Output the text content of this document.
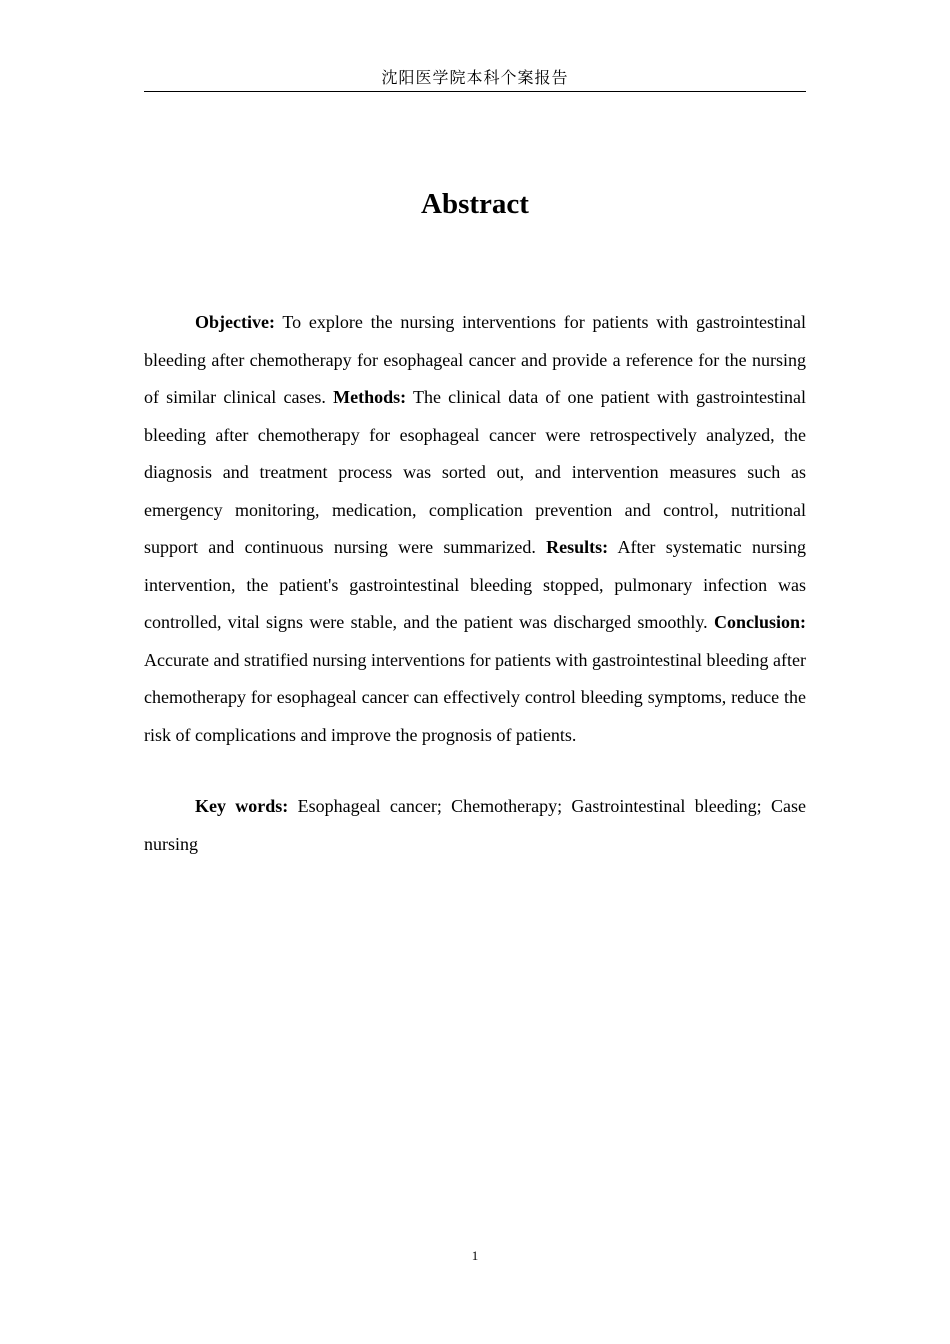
沈阳医学院本科个案报告
Abstract

Objective: To explore the nursing interventions for patients with gastrointestinal bleeding after chemotherapy for esophageal cancer and provide a reference for the nursing of similar clinical cases. Methods: The clinical data of one patient with gastrointestinal bleeding after chemotherapy for esophageal cancer were retrospectively analyzed, the diagnosis and treatment process was sorted out, and intervention measures such as emergency monitoring, medication, complication prevention and control, nutritional support and continuous nursing were summarized. Results: After systematic nursing intervention, the patient's gastrointestinal bleeding stopped, pulmonary infection was controlled, vital signs were stable, and the patient was discharged smoothly. Conclusion: Accurate and stratified nursing interventions for patients with gastrointestinal bleeding after chemotherapy for esophageal cancer can effectively control bleeding symptoms, reduce the risk of complications and improve the prognosis of patients.

Key words: Esophageal cancer; Chemotherapy; Gastrointestinal bleeding; Case nursing

1
